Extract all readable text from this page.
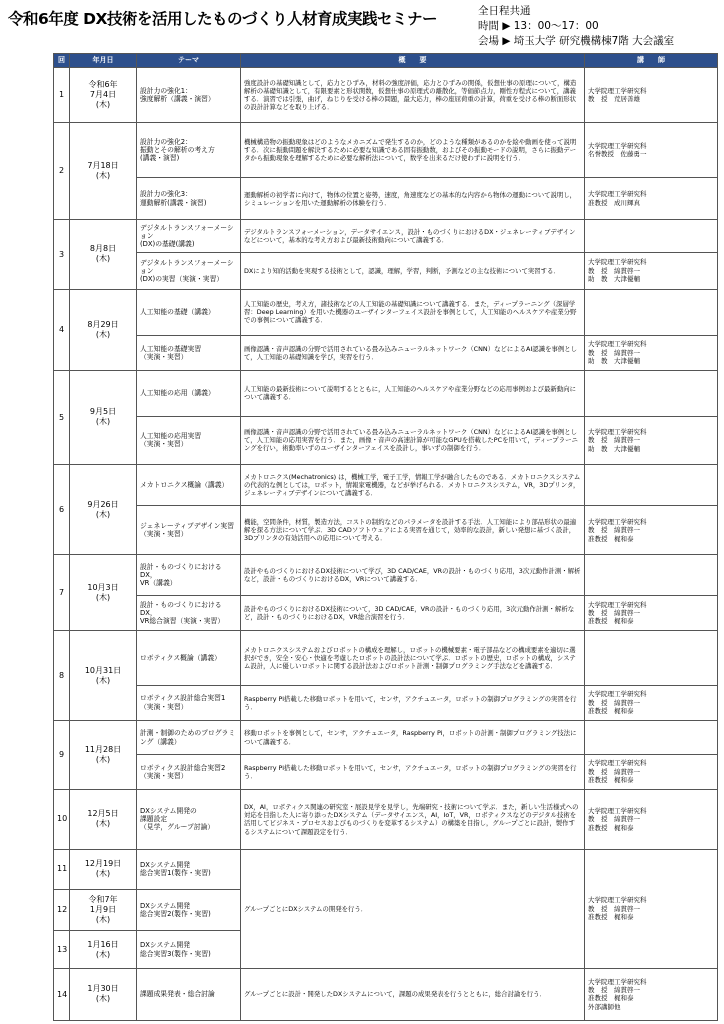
令和6年度 DX技術を活用したものづくり人材育成実践セミナー	全日程共通
時間 ▶ 13：00～17：00
会場 ▶ 埼玉大学 研究機構棟7階 大会議室
回	年月日	テーマ	概　　要	講　　師
1	令和6年
7月4日
(木)	設計力の強化1：
強度解析（講義・演習）	強度設計の基礎知識として，応力とひずみ，材料の強度評価，応力とひずみの関係，仮想仕事の原理について，構造解析の基礎知識として，有限要素と形状関数，仮想仕事の原理式の離散化，等価節点力，剛性方程式について，講義する．演習では引張，曲げ，ねじりを受ける棒の問題，最大応力，棒の座屈荷重の計算，荷重を受ける棒の断面形状の設計計算などを取り上げる．	大学院理工学研究科
教　授　荒居善雄

2	7月18日
(木)	設計力の強化2：
振動とその解析の考え方
(講義・演習)	機械構造物の振動現象はどのようなメカニズムで発生するのか，どのような種類があるのかを絵や動画を使って説明する．次に振動問題を解決するために必要な知識である固有振動数，およびその振動モードの説明，さらに振動データから振動現象を理解するために必要な解析法について，数学を出来るだけ使わずに説明を行う．	大学院理工学研究科
名誉教授　佐藤勇一

		設計力の強化3：
運動解析(講義・演習)	運動解析の初学者に向けて，物体の位置と姿勢，速度，角速度などの基本的な内容から物体の運動について説明し，シミュレーションを用いた運動解析の体験を行う．	大学院理工学研究科
准教授　成川輝真

3	8月8日
(木)	デジタルトランスフォーメーション
(DX)の基礎(講義)	デジタルトランスフォーメーション，データサイエンス，設計・ものづくりにおけるDX・ジェネレーティブデザインなどについて，基本的な考え方および最新技術動向について講義する．	

		デジタルトランスフォーメーション
(DX)の実習（実演・実習）	DXにより知的活動を実現する技術として，認識，理解，学習，判断，予測などの主な技術について実習する．	大学院理工学研究科
教　授　綿貫啓一
助　教　大津優輔

4	8月29日
(木)	人工知能の基礎（講義）	人工知能の歴史，考え方，諸技術などの人工知能の基礎知識について講義する．また，ディープラーニング（深層学習：Deep Learning）を用いた機器のユーザインターフェイス設計を事例として，人工知能のヘルスケアや産業分野での事例について講義する．	

		人工知能の基礎実習
（実演・実習）	画像認識・音声認識の分野で活用されている畳み込みニューラルネットワーク（CNN）などによるAI認識を事例として，人工知能の基礎知識を学び，実習を行う．	大学院理工学研究科
教　授　綿貫啓一
助　教　大津優輔

5	9月5日
(木)	人工知能の応用（講義）	人工知能の最新技術について説明するとともに，人工知能のヘルスケアや産業分野などの応用事例および最新動向について講義する．	

		人工知能の応用実習
（実演・実習）	画像認識・音声認識の分野で活用されている畳み込みニューラルネットワーク（CNN）などによるAI認識を事例として，人工知能の応用実習を行う．また，画像・音声の高速計算が可能なGPUを搭載したPCを用いて，ディープラーニングを行い，術動率いずのユーザインターフェイスを設計し，事いずの制御を行う．	大学院理工学研究科
教　授　綿貫啓一
助　教　大津優輔

6	9月26日
(木)	メカトロニクス概論（講義）	メカトロニクス(Mechatronics) は，機械工学，電子工学，情報工学が融合したものである．メカトロニクスシステムの代表的な例としては，ロボット，情報家電機器，などが挙げられる．メカトロニクスシステム，VR，3Dプリンタ，ジェネレーティブデザインについて講義する．	

		ジェネレーティブデザイン実習
（実演・実習）	機能，空間条件，材質，製造方法，コストの制約などのパラメータを設計する手法．人工知能により部品形状の最適解を探る方法について学ぶ．3D CADソフトウェアによる実習を通じて，効率的な設計，新しい発想に基づく設計，3Dプリンタの有効活用への応用について考える．	大学院理工学研究科
教　授　綿貫啓一
准教授　梶和泰

7	10月3日
(木)	設計・ものづくりにおけるDX，
VR（講義）	設計やものづくりにおけるDX技術について学び，3D CAD/CAE，VRの設計・ものづくり応用，3次元動作計測・解析など，設計・ものづくりにおけるDX，VRについて講義する．	

		設計・ものづくりにおけるDX，
VR総合演習（実演・実習）	設計やものづくりにおけるDX技術について，3D CAD/CAE，VRの設計・ものづくり応用，3次元動作計測・解析など，設計・ものづくりにおけるDX，VR総合演習を行う．	大学院理工学研究科
教　授　綿貫啓一
准教授　梶和泰

8	10月31日
(木)	ロボティクス概論（講義）	メカトロニクスシステムおよびロボットの構成を理解し，ロボットの機械要素・電子部品などの構成要素を適切に選択ができ，安全・安心・快適を考慮したロボットの設計法について学ぶ．ロボットの歴史，ロボットの構成，システム設計，人に優しいロボットに関する設計法およびロボット計測・制御プログラミング手法などを講義する．	

		ロボティクス設計総合実習1
（実演・実習）	Raspberry Pi搭載した移動ロボットを用いて，センサ，アクチュエータ，ロボットの制御プログラミングの実習を行う．	大学院理工学研究科
教　授　綿貫啓一
准教授　梶和泰

9	11月28日
(木)	計測・制御のためのプログラミング（講義）	移動ロボットを事例として，センサ，アクチュエータ，Raspberry Pi，ロボットの計測・制御プログラミング技法について講義する．	

		ロボティクス設計総合実習2
（実演・実習）	Raspberry Pi搭載した移動ロボットを用いて，センサ，アクチュエータ，ロボットの制御プログラミングの実習を行う．	大学院理工学研究科
教　授　綿貫啓一
准教授　梶和泰

10	12月5日
(木)	DXシステム開発の
課題設定
（見学，グループ討論）	DX，AI，ロボティクス関連の研究室・展設見学を見学し，先端研究・技術について学ぶ．また，新しい生活様式への対応を目指した人に寄り添ったDXシステム（データサイエンス，AI，IoT，VR，ロボティクスなどのデジタル技術を活用してビジネス・プロセスおよびものづくりを変革するシステム）の構築を目指し，グループごとに設計，製作するシステムについて課題設定を行う．	大学院理工学研究科
教　授　綿貫啓一
准教授　梶和泰

11	12月19日
(木)	DXシステム開発
総合実習1(製作・実習)	グループごとにDXシステムの開発を行う．	大学院理工学研究科
教　授　綿貫啓一
准教授　梶和泰

12	令和7年
1月9日
(木)	DXシステム開発
総合実習2(製作・実習)		

13	1月16日
(木)	DXシステム開発
総合実習3(製作・実習)		

14	1月30日
(木)	課題成果発表・総合討論	グループごとに設計・開発したDXシステムについて，課題の成果発表を行うとともに，総合討論を行う．	大学院理工学研究科
教　授　綿貫啓一
准教授　梶和泰
外部講師他
